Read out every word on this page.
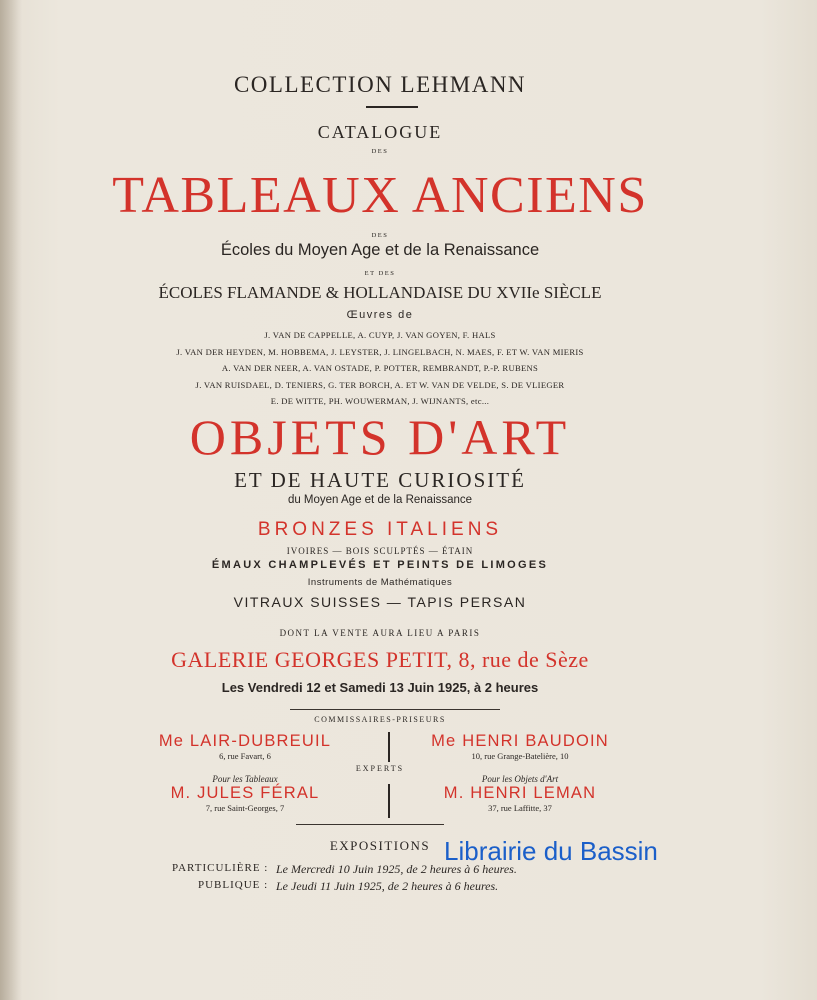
COLLECTION LEHMANN
CATALOGUE
DES
TABLEAUX ANCIENS
DES
Écoles du Moyen Age et de la Renaissance
ET DES
ÉCOLES FLAMANDE & HOLLANDAISE DU XVIIe SIÈCLE
Œuvres de
J. VAN DE CAPPELLE, A. CUYP, J. VAN GOYEN, F. HALS
J. VAN DER HEYDEN, M. HOBBEMA, J. LEYSTER, J. LINGELBACH, N. MAES, F. ET W. VAN MIERIS
A. VAN DER NEER, A. VAN OSTADE, P. POTTER, REMBRANDT, P.-P. RUBENS
J. VAN RUISDAEL, D. TENIERS, G. TER BORCH, A. ET W. VAN DE VELDE, S. DE VLIEGER
E. DE WITTE, PH. WOUWERMAN, J. WIJNANTS, etc...
OBJETS D'ART
ET DE HAUTE CURIOSITÉ
du Moyen Age et de la Renaissance
BRONZES ITALIENS
IVOIRES — BOIS SCULPTÉS — ÉTAIN
ÉMAUX CHAMPLEVÉS ET PEINTS DE LIMOGES
Instruments de Mathématiques
VITRAUX SUISSES — TAPIS PERSAN
DONT LA VENTE AURA LIEU A PARIS
GALERIE GEORGES PETIT, 8, rue de Sèze
Les Vendredi 12 et Samedi 13 Juin 1925, à 2 heures
COMMISSAIRES-PRISEURS
Me LAIR-DUBREUIL
6, rue Favart, 6
Me HENRI BAUDOIN
10, rue Grange-Batelière, 10
EXPERTS
Pour les Tableaux
M. JULES FÉRAL
7, rue Saint-Georges, 7
Pour les Objets d'Art
M. HENRI LEMAN
37, rue Laffitte, 37
EXPOSITIONS
PARTICULIÈRE : Le Mercredi 10 Juin 1925, de 2 heures à 6 heures.
PUBLIQUE : Le Jeudi 11 Juin 1925, de 2 heures à 6 heures.
Librairie du Bassin
